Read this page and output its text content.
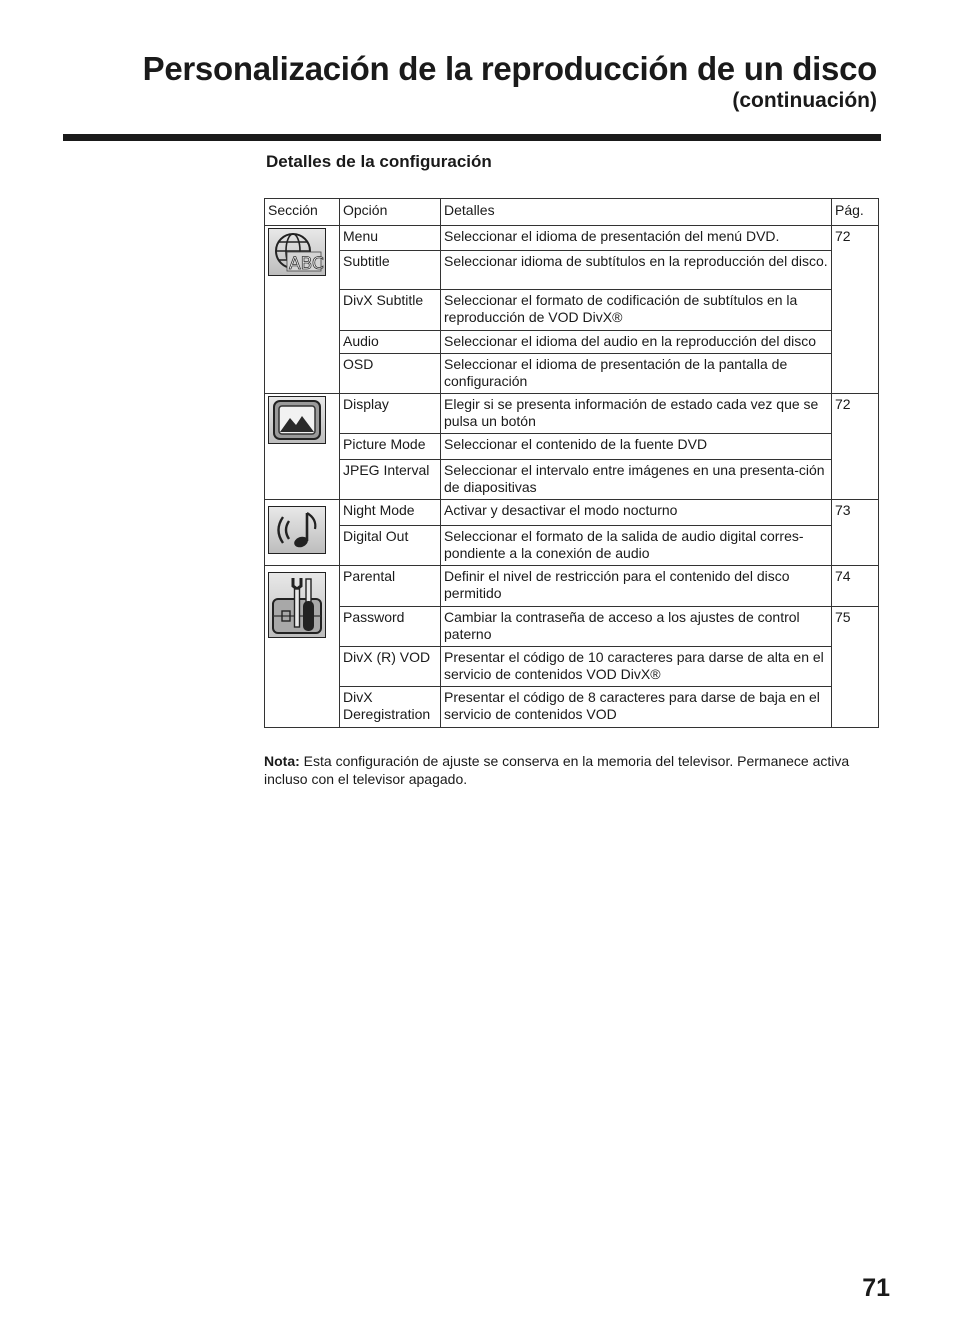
Personalización de la reproducción de un disco
(continuación)
Detalles de la configuración
Sección	Opción	Detalles	Pág.

ABC	Menu	Seleccionar el idioma de presentación del menú DVD.	72
	Subtitle	Seleccionar idioma de subtítulos en la reproducción del disco.	
	DivX Subtitle	Seleccionar el formato de codificación de subtítulos en la reproducción de VOD DivX®	
	Audio	Seleccionar el idioma del audio en la reproducción del disco	
	OSD	Seleccionar el idioma de presentación de la pantalla de configuración	

	Display	Elegir si se presenta información de estado cada vez que se pulsa un botón	72
	Picture Mode	Seleccionar el contenido de la fuente DVD	
	JPEG Interval	Seleccionar el intervalo entre imágenes en una presenta-ción de diapositivas	

	Night Mode	Activar y desactivar el modo nocturno	73
	Digital Out	Seleccionar el formato de la salida de audio digital corres-pondiente a la conexión de audio	

	Parental	Definir el nivel de restricción para el contenido del disco permitido	74
	Password	Cambiar la contraseña de acceso a los ajustes de control paterno	75
	DivX (R) VOD	Presentar el código de 10 caracteres para darse de alta en el servicio de contenidos VOD DivX®	
	DivX Deregistration	Presentar el código de 8 caracteres para darse de baja en el servicio de contenidos VOD	

Nota: Esta configuración de ajuste se conserva en la memoria del televisor. Permanece activa incluso con el televisor apagado.

71
